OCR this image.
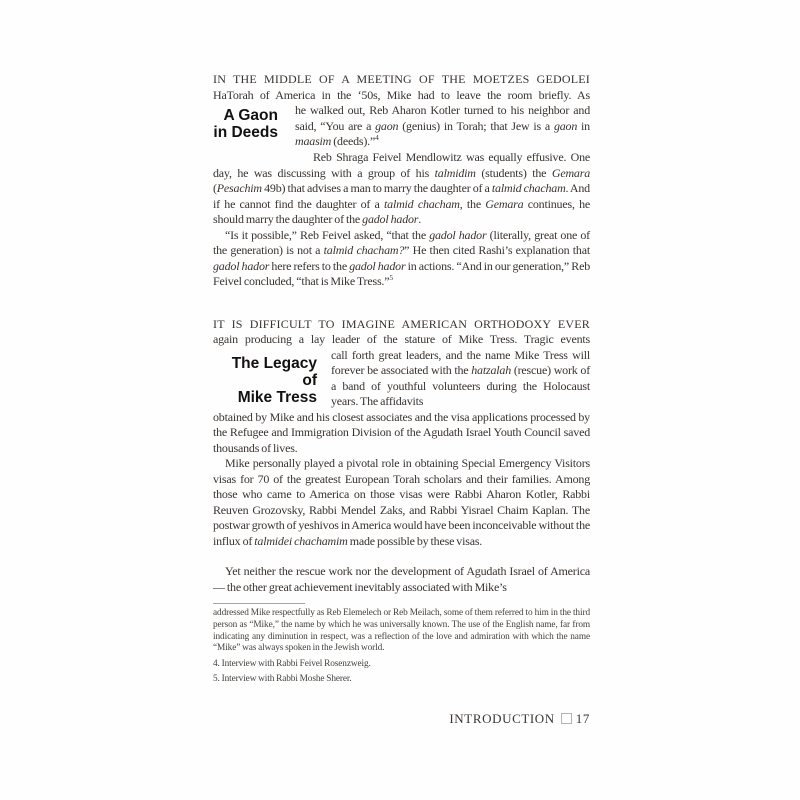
IN THE MIDDLE OF A MEETING OF THE MOETZES GEDOLEI
HaTorah of America in the ‘50s, Mike had to leave the room briefly. As
A Gaon
in Deeds

he walked out, Reb Aharon Kotler turned to his neighbor and said, “You are a gaon (genius) in Torah; that Jew is a gaon in maasim (deeds).”$^4$

Reb Shraga Feivel Mendlowitz was equally effusive. One day, he was discussing with a group of his talmidim (students) the Gemara (Pesachim 49b) that advises a man to marry the daughter of a talmid chacham. And if he cannot find the daughter of a talmid chacham, the Gemara continues, he should marry the daughter of the gadol hador.

“Is it possible,” Reb Feivel asked, “that the gadol hador (literally, great one of the generation) is not a talmid chacham?” He then cited Rashi’s explanation that gadol hador here refers to the gadol hador in actions. “And in our generation,” Reb Feivel concluded, “that is Mike Tress.”$^5$

IT IS DIFFICULT TO IMAGINE AMERICAN ORTHODOXY EVER
again producing a lay leader of the stature of Mike Tress. Tragic events
The Legacy of
Mike Tress

call forth great leaders, and the name Mike Tress will forever be associated with the hatzalah (rescue) work of a band of youthful volunteers during the Holocaust years. The affidavits

obtained by Mike and his closest associates and the visa applications processed by the Refugee and Immigration Division of the Agudath Israel Youth Council saved thousands of lives.

Mike personally played a pivotal role in obtaining Special Emergency Visitors visas for 70 of the greatest European Torah scholars and their families. Among those who came to America on those visas were Rabbi Aharon Kotler, Rabbi Reuven Grozovsky, Rabbi Mendel Zaks, and Rabbi Yisrael Chaim Kaplan. The postwar growth of yeshivos in America would have been inconceivable without the influx of talmidei chachamim made possible by these visas.

Yet neither the rescue work nor the development of Agudath Israel of America — the other great achievement inevitably associated with Mike’s

addressed Mike respectfully as Reb Elemelech or Reb Meilach, some of them referred to him in the third person as “Mike,” the name by which he was universally known. The use of the English name, far from indicating any diminution in respect, was a reflection of the love and admiration with which the name “Mike” was always spoken in the Jewish world.

4. Interview with Rabbi Feivel Rosenzweig.

5. Interview with Rabbi Moshe Sherer.

INTRODUCTION 17
